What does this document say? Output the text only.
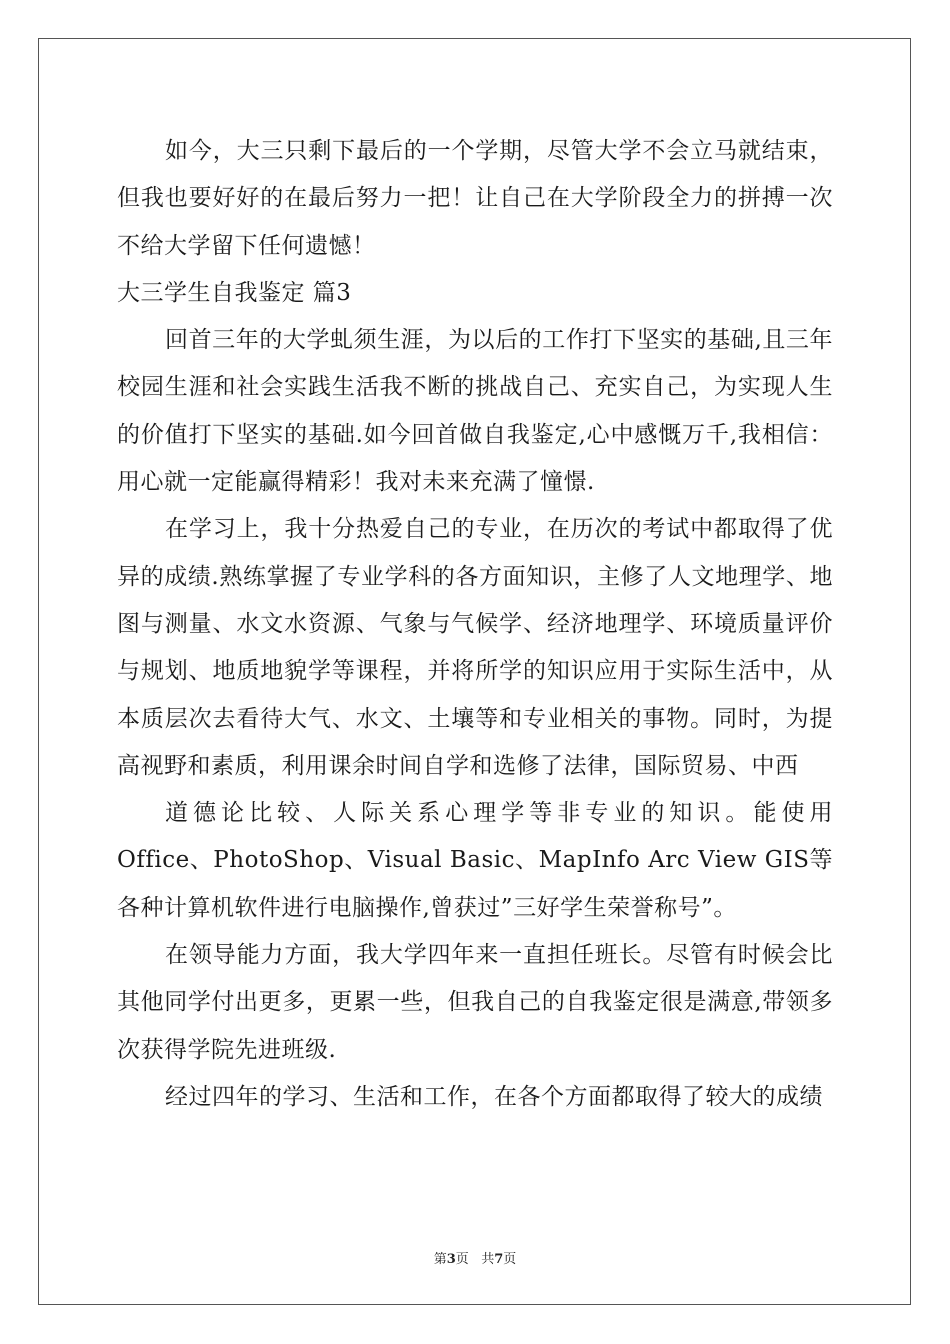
如今，大三只剩下最后的一个学期，尽管大学不会立马就结束，但我也要好好的在最后努力一把！让自己在大学阶段全力的拼搏一次不给大学留下任何遗憾！

大三学生自我鉴定 篇3

回首三年的大学虬须生涯，为以后的工作打下坚实的基础,且三年校园生涯和社会实践生活我不断的挑战自己、充实自己，为实现人生的价值打下坚实的基础.如今回首做自我鉴定,心中感慨万千,我相信：用心就一定能赢得精彩！我对未来充满了憧憬.

在学习上，我十分热爱自己的专业，在历次的考试中都取得了优异的成绩.熟练掌握了专业学科的各方面知识，主修了人文地理学、地图与测量、水文水资源、气象与气候学、经济地理学、环境质量评价与规划、地质地貌学等课程，并将所学的知识应用于实际生活中，从本质层次去看待大气、水文、土壤等和专业相关的事物。同时，为提高视野和素质，利用课余时间自学和选修了法律，国际贸易、中西
道德论比较、人际关系心理学等非专业的知识。能使用
Office、PhotoShop、Visual Basic、MapInfo Arc View GIS等各种计算机软件进行电脑操作,曾获过”三好学生荣誉称号”。

在领导能力方面，我大学四年来一直担任班长。尽管有时候会比其他同学付出更多，更累一些，但我自己的自我鉴定很是满意,带领多次获得学院先进班级.

经过四年的学习、生活和工作，在各个方面都取得了较大的成绩

第3页 共7页
